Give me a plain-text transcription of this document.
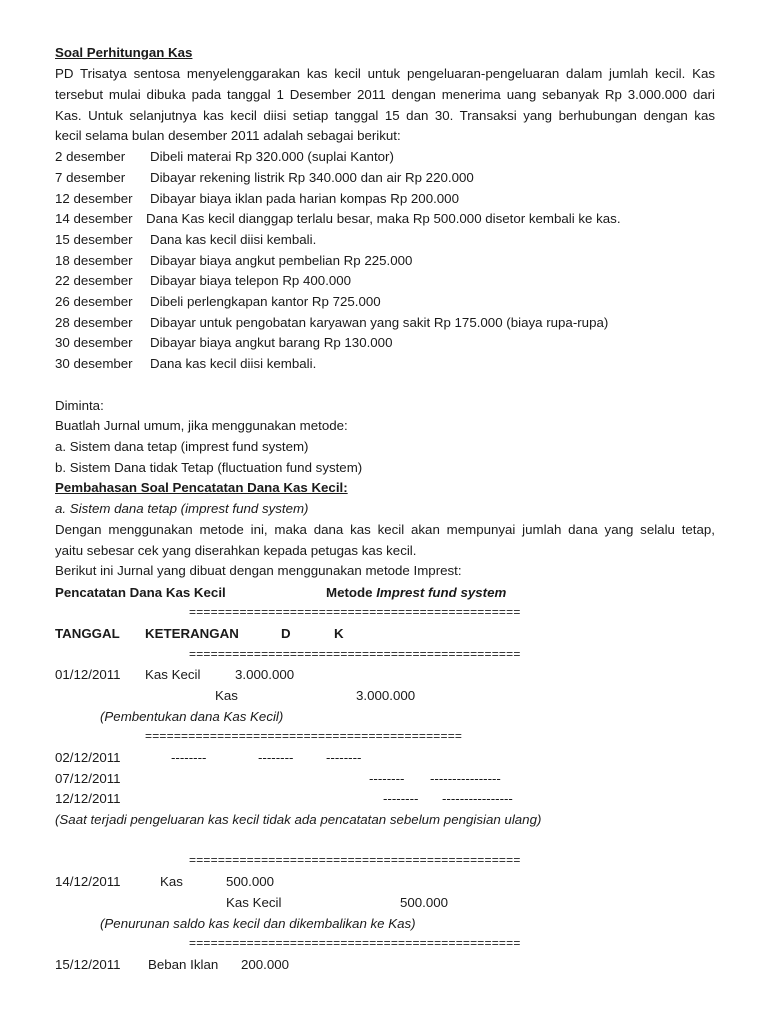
Soal Perhitungan Kas
PD Trisatya sentosa menyelenggarakan kas kecil untuk pengeluaran-pengeluaran dalam jumlah kecil. Kas
tersebut mulai dibuka pada tanggal 1 Desember 2011 dengan menerima uang sebanyak Rp 3.000.000 dari
Kas. Untuk selanjutnya kas kecil diisi setiap tanggal 15 dan 30. Transaksi yang berhubungan dengan kas
kecil selama bulan desember 2011 adalah sebagai berikut:
2 desember Dibeli materai Rp 320.000 (suplai Kantor)
7 desember Dibayar rekening listrik Rp 340.000 dan air Rp 220.000
12 desember Dibayar biaya iklan pada harian kompas Rp 200.000
14 desember Dana Kas kecil dianggap terlalu besar, maka Rp 500.000 disetor kembali ke kas.
15 desember Dana kas kecil diisi kembali.
18 desember Dibayar biaya angkut pembelian Rp 225.000
22 desember Dibayar biaya telepon Rp 400.000
26 desember Dibeli perlengkapan kantor Rp 725.000
28 desember Dibayar untuk pengobatan karyawan yang sakit Rp 175.000 (biaya rupa-rupa)
30 desember Dibayar biaya angkut barang Rp 130.000
30 desember Dana kas kecil diisi kembali.
Diminta:
Buatlah Jurnal umum, jika menggunakan metode:
a. Sistem dana tetap (imprest fund system)
b. Sistem Dana tidak Tetap (fluctuation fund system)
Pembahasan Soal Pencatatan Dana Kas Kecil:
a. Sistem dana tetap (imprest fund system)
Dengan menggunakan metode ini, maka dana kas kecil akan mempunyai jumlah dana yang selalu tetap,
yaitu sebesar cek yang diserahkan kepada petugas kas kecil.
Berikut ini Jurnal yang dibuat dengan menggunakan metode Imprest:
Pencatatan Dana Kas Kecil	Metode Imprest fund system
==============================================
TANGGAL KETERANGAN	D	K
==============================================
01/12/2011 Kas Kecil	3.000.000
Kas	3.000.000
(Pembentukan dana Kas Kecil)
============================================
02/12/2011	--------	-------- --------
07/12/2011	-------- ----------------
12/12/2011	-------- ----------------
(Saat terjadi pengeluaran kas kecil tidak ada pencatatan sebelum pengisian ulang)
==============================================
14/12/2011	Kas	500.000
Kas Kecil	500.000
(Penurunan saldo kas kecil dan dikembalikan ke Kas)
==============================================
15/12/2011 Beban Iklan 200.000
